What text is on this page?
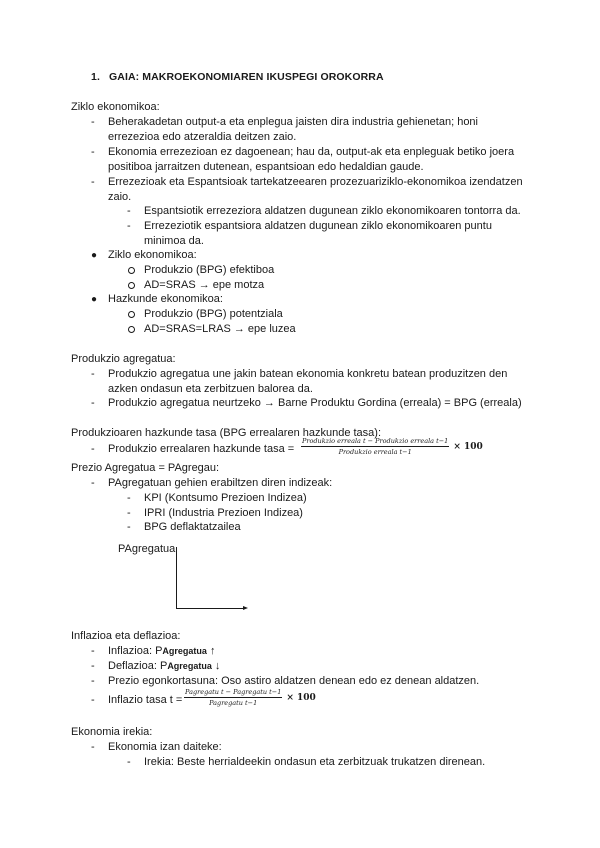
1. GAIA: MAKROEKONOMIAREN IKUSPEGI OROKORRA
Ziklo ekonomikoa:
- Beherakadetan output-a eta enplegua jaisten dira industria gehienetan; honi
errezezioa edo atzeraldia deitzen zaio.
- Ekonomia errezezioan ez dagoenean; hau da, output-ak eta enpleguak betiko joera
positiboa jarraitzen dutenean, espantsioan edo hedaldian gaude.
- Errezezioak eta Espantsioak tartekatzeearen prozezuariziklo-ekonomikoa izendatzen
zaio.
- Espantsiotik errezeziora aldatzen dugunean ziklo ekonomikoaren tontorra da.
- Errezeziotik espantsiora aldatzen dugunean ziklo ekonomikoaren puntu
minimoa da.
● Ziklo ekonomikoa:
Produkzio (BPG) efektiboa
AD=SRAS → epe motza
● Hazkunde ekonomikoa:
Produkzio (BPG) potentziala
AD=SRAS=LRAS → epe luzea
Produkzio agregatua:
- Produkzio agregatua une jakin batean ekonomia konkretu batean produzitzen den
azken ondasun eta zerbitzuen balorea da.
- Produkzio agregatua neurtzeko → Barne Produktu Gordina (erreala) = BPG (erreala)
Produkzioaren hazkunde tasa (BPG errealaren hazkunde tasa):
- Produkzio errealaren hazkunde tasa = $\frac{\text{Produkzio erreala t − Produkzio erreala t−1}}{\text{Produkzio erreala t−1}} \times 100$
Prezio Agregatua = PAgregau:
- PAgregatuan gehien erabiltzen diren indizeak:
- KPI (Kontsumo Prezioen Indizea)
- IPRI (Industria Prezioen Indizea)
- BPG deflaktatzailea
PAgregatua
Inflazioa eta deflazioa:
- Inflazioa: PAgregatua ↑
- Deflazioa: PAgregatua ↓
- Prezio egonkortasuna: Oso astiro aldatzen denean edo ez denean aldatzen.
- Inflazio tasa $t = \frac{\text{Pagregatu t − Pagregatu t−1}}{\text{Pagregatu t−1}} \times 100$
Ekonomia irekia:
- Ekonomia izan daiteke:
- Irekia: Beste herrialdeekin ondasun eta zerbitzuak trukatzen direnean.
